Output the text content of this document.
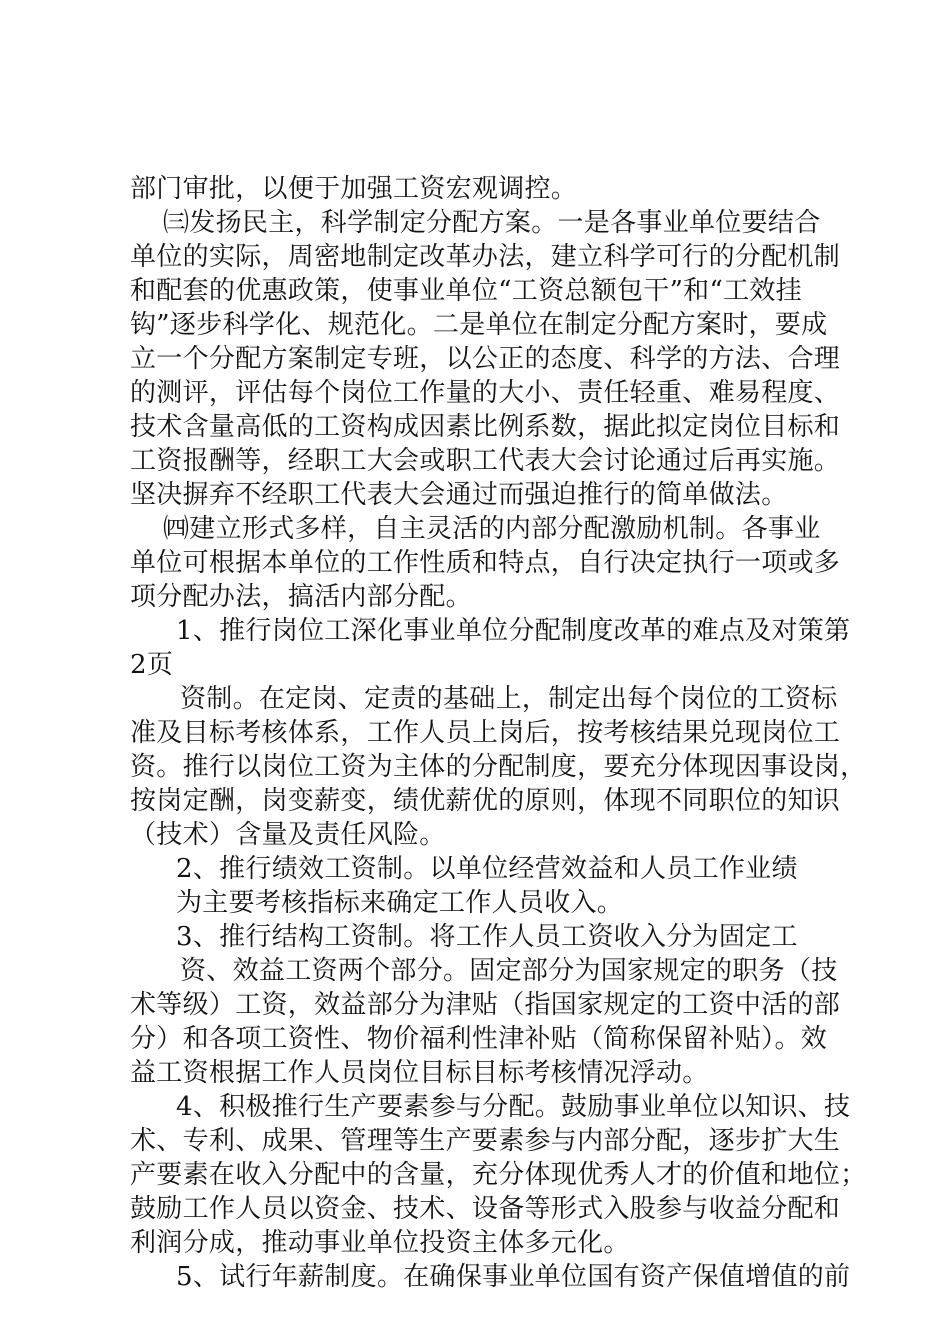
部门审批，以便于加强工资宏观调控。

㈢发扬民主，科学制定分配方案。一是各事业单位要结合

单位的实际，周密地制定改革办法，建立科学可行的分配机制

和配套的优惠政策，使事业单位“工资总额包干”和“工效挂

钩”逐步科学化、规范化。二是单位在制定分配方案时，要成

立一个分配方案制定专班，以公正的态度、科学的方法、合理

的测评，评估每个岗位工作量的大小、责任轻重、难易程度、

技术含量高低的工资构成因素比例系数，据此拟定岗位目标和

工资报酬等，经职工大会或职工代表大会讨论通过后再实施。

坚决摒弃不经职工代表大会通过而强迫推行的简单做法。

㈣建立形式多样，自主灵活的内部分配激励机制。各事业

单位可根据本单位的工作性质和特点，自行决定执行一项或多

项分配办法，搞活内部分配。

1、推行岗位工深化事业单位分配制度改革的难点及对策第

2页

资制。在定岗、定责的基础上，制定出每个岗位的工资标

准及目标考核体系，工作人员上岗后，按考核结果兑现岗位工

资。推行以岗位工资为主体的分配制度，要充分体现因事设岗，

按岗定酬，岗变薪变，绩优薪优的原则，体现不同职位的知识

（技术）含量及责任风险。

2、推行绩效工资制。以单位经营效益和人员工作业绩

为主要考核指标来确定工作人员收入。

3、推行结构工资制。将工作人员工资收入分为固定工

资、效益工资两个部分。固定部分为国家规定的职务（技

术等级）工资，效益部分为津贴（指国家规定的工资中活的部

分）和各项工资性、物价福利性津补贴（简称保留补贴）。效

益工资根据工作人员岗位目标目标考核情况浮动。

4、积极推行生产要素参与分配。鼓励事业单位以知识、技

术、专利、成果、管理等生产要素参与内部分配，逐步扩大生

产要素在收入分配中的含量，充分体现优秀人才的价值和地位；

鼓励工作人员以资金、技术、设备等形式入股参与收益分配和

利润分成，推动事业单位投资主体多元化。

5、试行年薪制度。在确保事业单位国有资产保值增值的前
